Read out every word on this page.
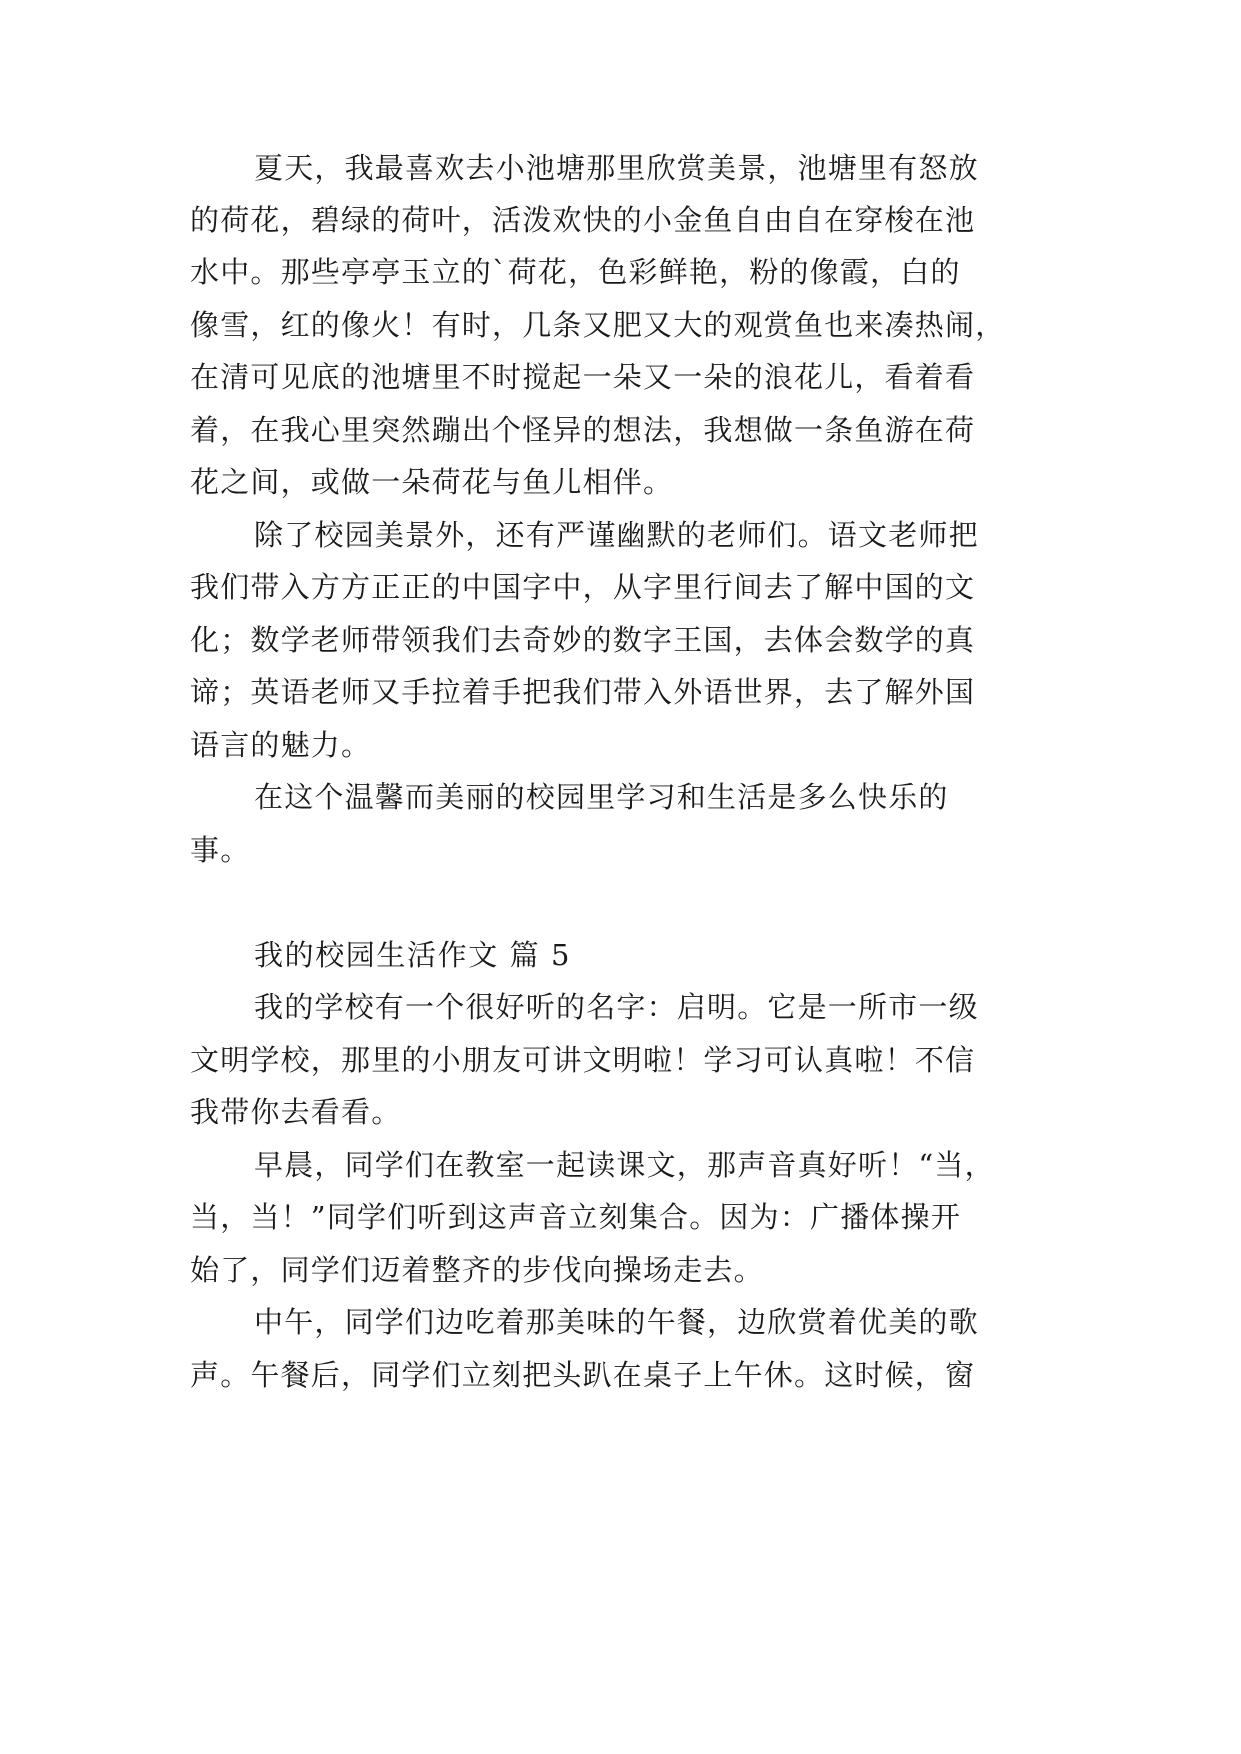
夏天，我最喜欢去小池塘那里欣赏美景，池塘里有怒放
的荷花，碧绿的荷叶，活泼欢快的小金鱼自由自在穿梭在池
水中。那些亭亭玉立的`荷花，色彩鲜艳，粉的像霞，白的
像雪，红的像火！有时，几条又肥又大的观赏鱼也来凑热闹，
在清可见底的池塘里不时搅起一朵又一朵的浪花儿，看着看
着，在我心里突然蹦出个怪异的想法，我想做一条鱼游在荷
花之间，或做一朵荷花与鱼儿相伴。
除了校园美景外，还有严谨幽默的老师们。语文老师把
我们带入方方正正的中国字中，从字里行间去了解中国的文
化；数学老师带领我们去奇妙的数字王国，去体会数学的真
谛；英语老师又手拉着手把我们带入外语世界，去了解外国
语言的魅力。
在这个温馨而美丽的校园里学习和生活是多么快乐的
事。
我的校园生活作文 篇 5
我的学校有一个很好听的名字：启明。它是一所市一级
文明学校，那里的小朋友可讲文明啦！学习可认真啦！不信
我带你去看看。
早晨，同学们在教室一起读课文，那声音真好听！“当，
当，当！”同学们听到这声音立刻集合。因为：广播体操开
始了，同学们迈着整齐的步伐向操场走去。
中午，同学们边吃着那美味的午餐，边欣赏着优美的歌
声。午餐后，同学们立刻把头趴在桌子上午休。这时候，窗
